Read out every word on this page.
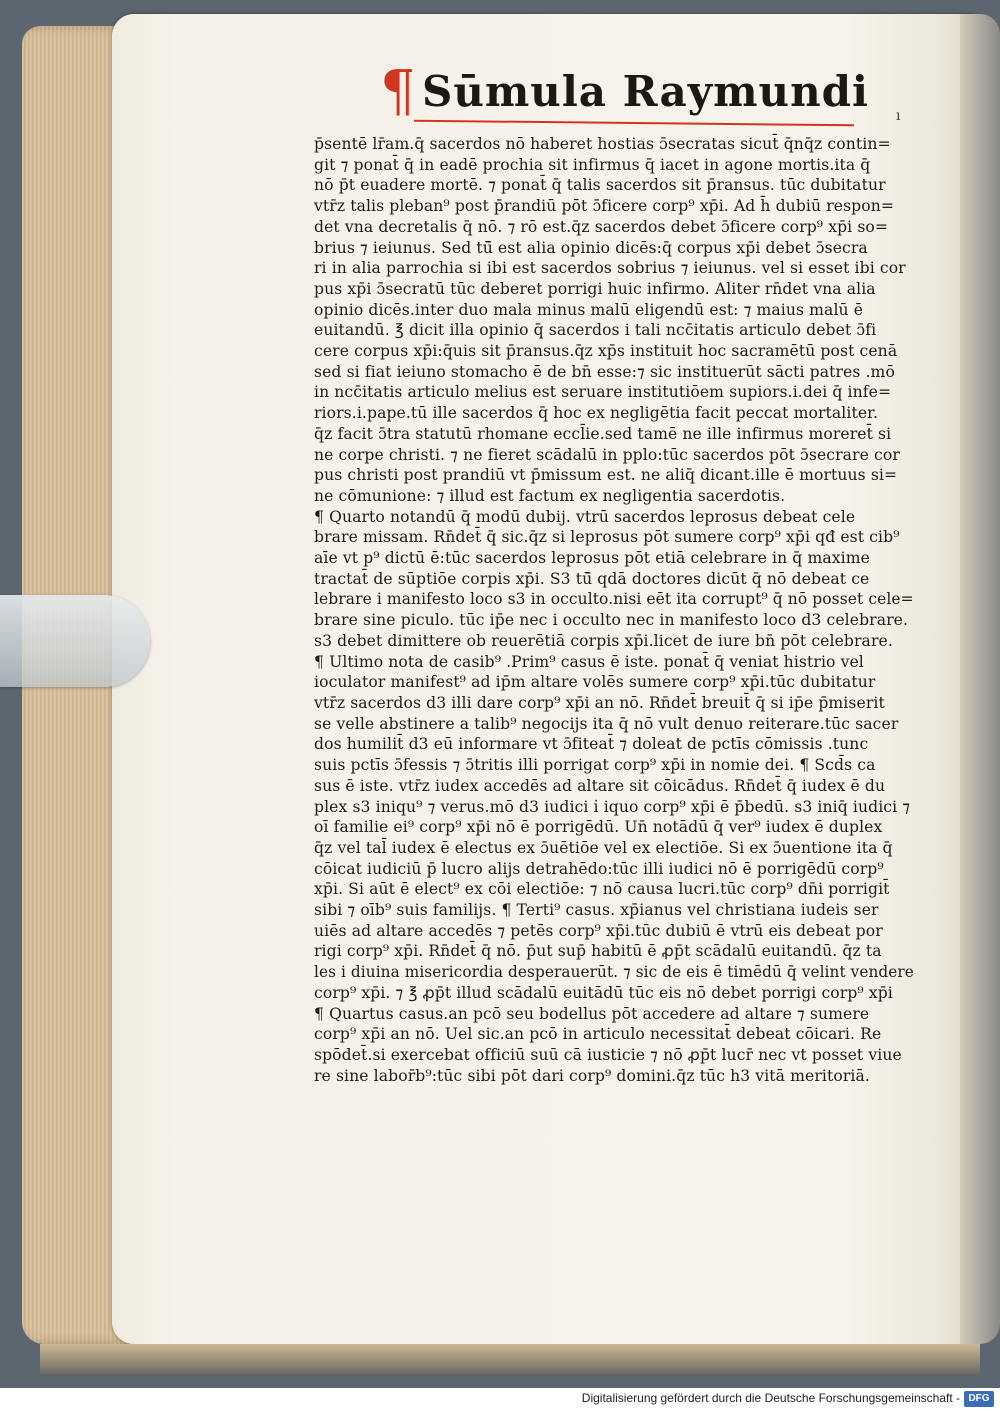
¶ Sūmula Raymundi ı
p̄sentē lr̄am.q̄ sacerdos nō haberet hostias ɔ̄secratas sicut̄ q̄nq̄z contin=
git ⁊ ponat̄ q̄ in eadē prochia sit infirmus q̄ iacet in agone mortis.ita q̄
nō p̄t euadere mortē. ⁊ ponat̄ q̄ talis sacerdos sit p̄ransus. tūc dubitatur
vtr̄z talis pleban⁹ post p̄randiū pōt ɔ̄ficere corp⁹ xp̄i. Ad h̄ dubiū respon=
det vna decretalis q̄ nō. ⁊ rō est.q̄z sacerdos debet ɔ̄ficere corp⁹ xp̄i so=
brius ⁊ ieiunus. Sed tū̄ est alia opinio dicēs:q̄ corpus xp̄i debet ɔ̄secra
ri in alia parrochia si ibi est sacerdos sobrius ⁊ ieiunus. vel si esset ibi cor
pus xp̄i ɔ̄secratū tūc deberet porrigi huic infirmo. Aliter rn̄det vna alia
opinio dicēs.inter duo mala minus malū eligendū est: ⁊ maius malū ē
euitandū. ℥ dicit illa opinio q̄ sacerdos i tali ncc̄itatis articulo debet ɔ̄fi
cere corpus xp̄i:q̄uis sit p̄ransus.q̄z xp̄s instituit hoc sacramētū post cenā
sed si fiat ieiuno stomacho ē de bn̄ esse:⁊ sic instituerūt sācti patres .mō
in ncc̄itatis articulo melius est seruare institutiōem supiors.i.dei q̄ infe=
riors.i.pape.tū ille sacerdos q̄ hoc ex negligētia facit peccat mortaliter.
q̄z facit ɔ̄tra statutū rhomane eccl̄ie.sed tamē ne ille infirmus moreret̄ si
ne corpe christi. ⁊ ne fieret scādalū in pplo:tūc sacerdos pōt ɔ̄secrare cor
pus christi post prandiū vt p̄missum est. ne aliq̄ dicant.ille ē mortuus si=
ne cōmunione: ⁊ illud est factum ex negligentia sacerdotis.
¶ Quarto notandū q̄ modū dubij. vtrū sacerdos leprosus debeat cele
brare missam. Rn̄det̄ q̄ sic.q̄z si leprosus pōt sumere corp⁹ xp̄i qđ est cib⁹
aīe vt p⁹ dictū ē:tūc sacerdos leprosus pōt etiā celebrare in q̄ maxime
tractat̄ de sūptiōe corpis xp̄i. S3 tū̄ qdā doctores dicūt q̄ nō debeat ce
lebrare i manifesto loco s3 in occulto.nisi eēt ita corrupt⁹ q̄ nō posset cele=
brare sine piculo. tūc ip̄e nec i occulto nec in manifesto loco d3 celebrare.
s3 debet dimittere ob reuerētiā corpis xp̄i.licet de iure bn̄ pōt celebrare.
¶ Ultimo nota de casib⁹ .Prim⁹ casus ē iste. ponat̄ q̄ veniat histrio vel
ioculator manifest⁹ ad ip̄m altare volēs sumere corp⁹ xp̄i.tūc dubitatur
vtr̄z sacerdos d3 illi dare corp⁹ xp̄i an nō. Rn̄det̄ breuit̄ q̄ si ip̄e p̄miserit
se velle abstinere a talib⁹ negocijs ita q̄ nō vult denuo reiterare.tūc sacer
dos humilit̄ d3 eū informare vt ɔ̄fiteat̄ ⁊ doleat de pctīs cōmissis .tunc
suis pctīs ɔ̄fessis ⁊ ɔ̄tritis illi porrigat corp⁹ xp̄i in nomie dei. ¶ Scd̄s ca
sus ē iste. vtr̄z iudex accedēs ad altare sit cōicādus. Rn̄det̄ q̄ iudex ē du
plex s3 iniqu⁹ ⁊ verus.mō d3 iudici i̇ iquo corp⁹ xp̄i ē p̄bedū. s3 iniq̄ iudici ⁊
oī familie ei⁹ corp⁹ xp̄i nō ē porrigēdū. Un̄ notādū q̄ ver⁹ iudex ē duplex
q̄z vel tal̄ iudex ē electus ex ɔ̄uētiōe vel ex electiōe. Si ex ɔ̄uentione ita q̄
cōicat iudiciū p̄ lucro alijs detrahēdo:tūc illi iudici nō ē porrigēdū corp⁹
xp̄i. Si aūt ē elect⁹ ex cōi electiōe: ⁊ nō causa lucri.tūc corp⁹ dn̄i porrigit̄
sibi ⁊ oīb⁹ suis familijs. ¶ Terti⁹ casus. xp̄ianus vel christiana iudeis ser
uiēs ad altare accedēs ⁊ petēs corp⁹ xp̄i.tūc dubiū ē vtrū eis debeat por
rigi corp⁹ xp̄i. Rn̄det̄ q̄ nō. p̄ut sup̄ habitū ē ꝓp̄t scādalū euitandū. q̄z ta
les i diuina misericordia desperauerūt. ⁊ sic de eis ē timēdū q̄ velint vendere
corp⁹ xp̄i. ⁊ ℥ ꝓp̄t illud scādalū euitādū tūc eis nō debet porrigi corp⁹ xp̄i
¶ Quartus casus.an pcō seu bodellus pōt accedere ad altare ⁊ sumere
corp⁹ xp̄i an nō. Uel sic.an pcō in articulo necessitat̄ debeat cōicari. Re
spōdet̄.si exercebat officiū suū cā iusticie ⁊ nō ꝓp̄t lucr̄ nec vt posset viue
re sine labor̄b⁹:tūc sibi pōt dari corp⁹ domini.q̄z tūc h3 vitā meritoriā.
Digitalisierung gefördert durch die Deutsche Forschungsgemeinschaft - DFG
